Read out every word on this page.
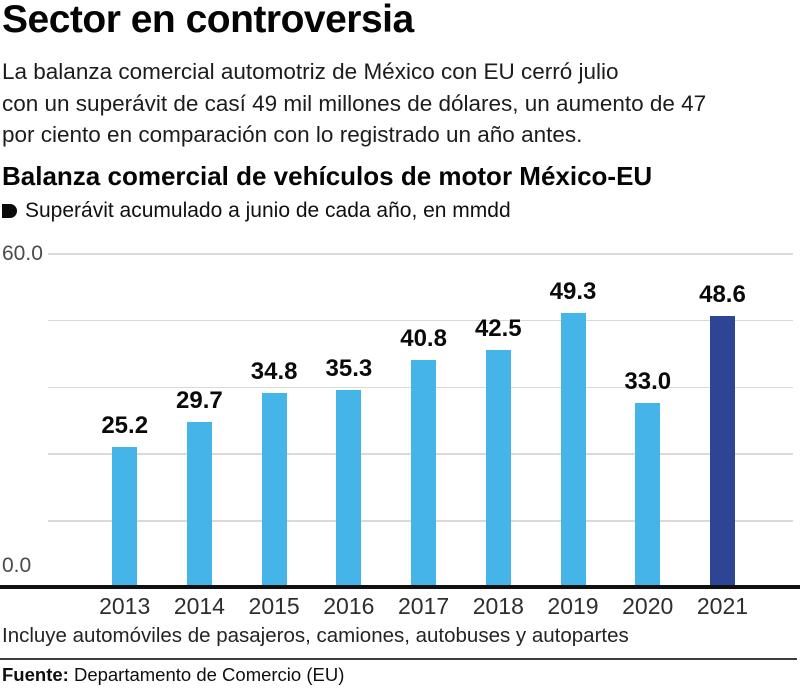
Sector en controversia
La balanza comercial automotriz de México con EU cerró julio
con un superávit de casí 49 mil millones de dólares, un aumento de 47
por ciento en comparación con lo registrado un año antes.
Balanza comercial de vehículos de motor México-EU
Superávit acumulado a junio de cada año, en mmdd
25.2
2013
29.7
2014
34.8
2015
35.3
2016
40.8
2017
42.5
2018
49.3
2019
33.0
2020
48.6
2021
60.0
0.0
Incluye automóviles de pasajeros, camiones, autobuses y autopartes
Fuente: Departamento de Comercio (EU)
